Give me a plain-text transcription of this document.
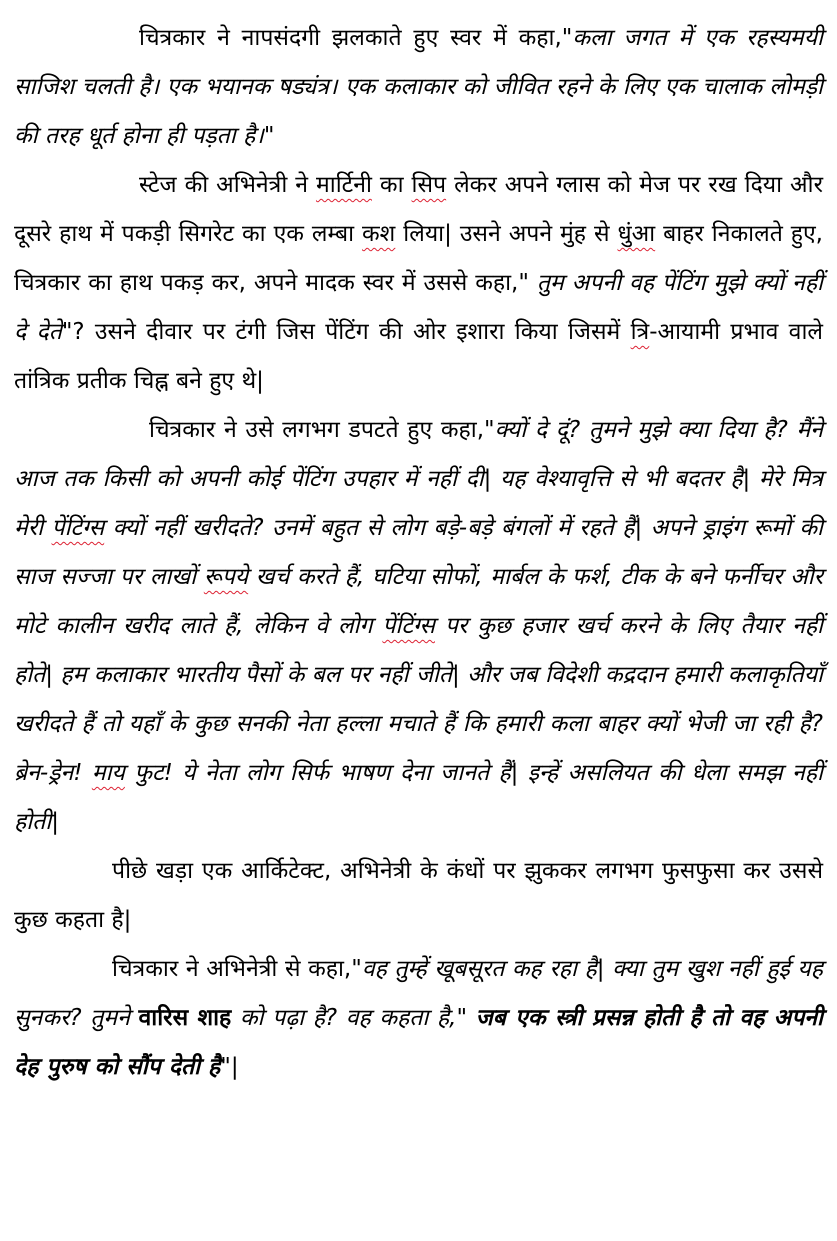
चित्रकार ने नापसंदगी झलकाते हुए स्वर में कहा,"कला जगत में एक रहस्यमयी साजिश चलती है। एक भयानक षड्यंत्र। एक कलाकार को जीवित रहने के लिए एक चालाक लोमड़ी की तरह धूर्त होना ही पड़ता है।"

स्टेज की अभिनेत्री ने मार्टिनी का सिप लेकर अपने ग्लास को मेज पर रख दिया और दूसरे हाथ में पकड़ी सिगरेट का एक लम्बा कश लिया| उसने अपने मुंह से धुंआ बाहर निकालते हुए, चित्रकार का हाथ पकड़ कर, अपने मादक स्वर में उससे कहा," तुम अपनी वह पेंटिंग मुझे क्यों नहीं दे देते"? उसने दीवार पर टंगी जिस पेंटिंग की ओर इशारा किया जिसमें त्रि-आयामी प्रभाव वाले तांत्रिक प्रतीक चिह्न बने हुए थे|

चित्रकार ने उसे लगभग डपटते हुए कहा,"क्यों दे दूं? तुमने मुझे क्या दिया है? मैंने आज तक किसी को अपनी कोई पेंटिंग उपहार में नहीं दी| यह वेश्यावृत्ति से भी बदतर है| मेरे मित्र मेरी पेंटिंग्स क्यों नहीं खरीदते? उनमें बहुत से लोग बड़े-बड़े बंगलों में रहते हैं| अपने ड्राइंग रूमों की साज सज्जा पर लाखों रूपये खर्च करते हैं, घटिया सोफों, मार्बल के फर्श, टीक के बने फर्नीचर और मोटे कालीन खरीद लाते हैं, लेकिन वे लोग पेंटिंग्स पर कुछ हजार खर्च करने के लिए तैयार नहीं होते| हम कलाकार भारतीय पैसों के बल पर नहीं जीते| और जब विदेशी कद्रदान हमारी कलाकृतियाँ खरीदते हैं तो यहाँ के कुछ सनकी नेता हल्ला मचाते हैं कि हमारी कला बाहर क्यों भेजी जा रही है? ब्रेन-ड्रेन! माय फुट! ये नेता लोग सिर्फ भाषण देना जानते हैं| इन्हें असलियत की धेला समझ नहीं होती|

पीछे खड़ा एक आर्किटेक्ट, अभिनेत्री के कंधों पर झुककर लगभग फुसफुसा कर उससे कुछ कहता है|

चित्रकार ने अभिनेत्री से कहा,"वह तुम्हें खूबसूरत कह रहा है| क्या तुम खुश नहीं हुई यह सुनकर? तुमने वारिस शाह को पढ़ा है? वह कहता है," जब एक स्त्री प्रसन्न होती है तो वह अपनी देह पुरुष को सौंप देती है"|
